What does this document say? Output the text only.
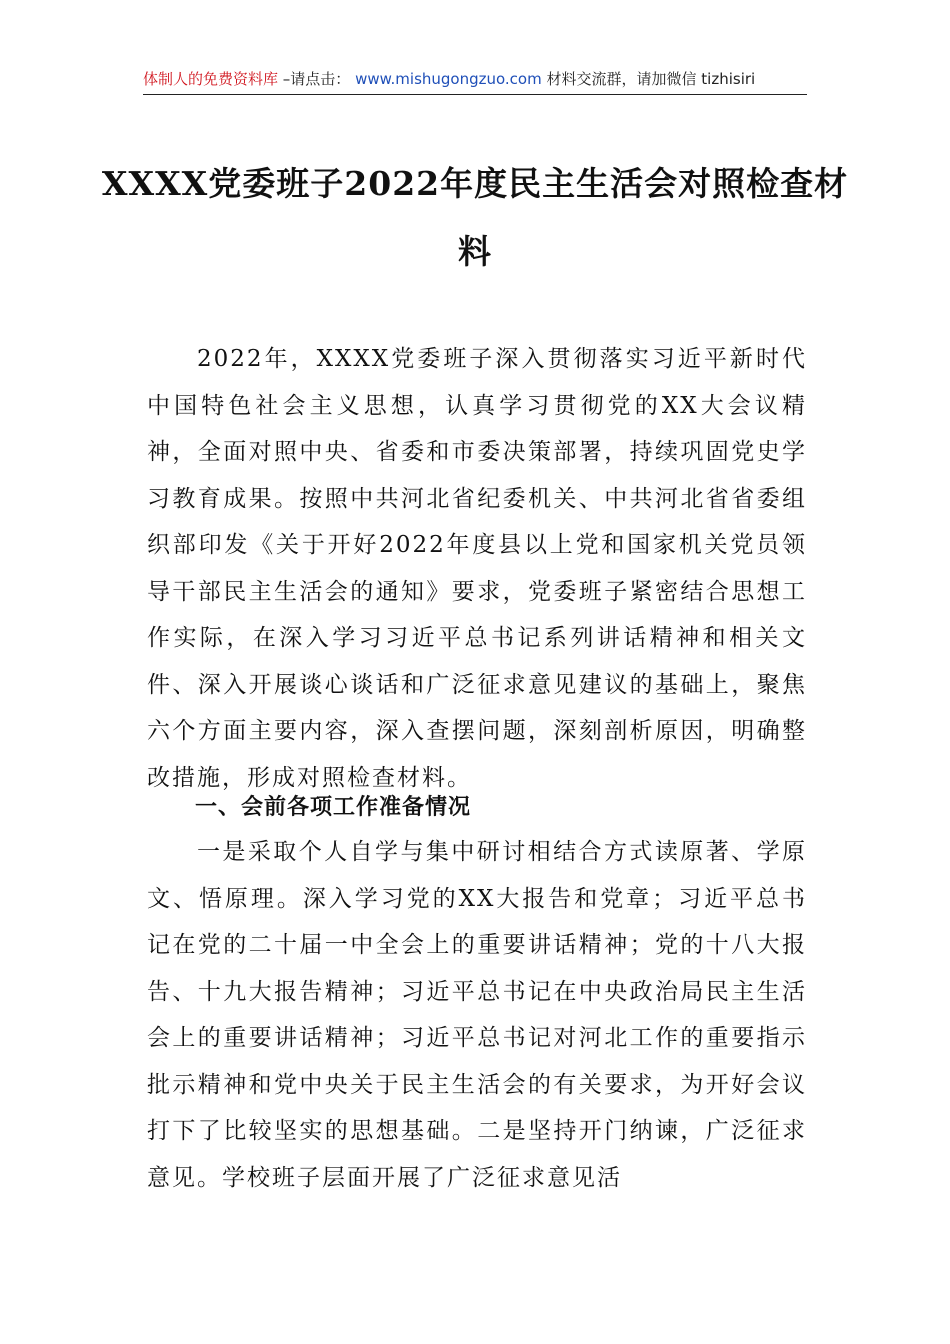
体制人的免费资料库 –请点击： www.mishugongzuo.com 材料交流群，请加微信 tizhisiri
XXXX党委班子2022年度民主生活会对照检查材料

2022年，XXXX党委班子深入贯彻落实习近平新时代中国特色社会主义思想，认真学习贯彻党的XX大会议精神，全面对照中央、省委和市委决策部署，持续巩固党史学习教育成果。按照中共河北省纪委机关、中共河北省省委组织部印发《关于开好2022年度县以上党和国家机关党员领导干部民主生活会的通知》要求，党委班子紧密结合思想工作实际，在深入学习习近平总书记系列讲话精神和相关文件、深入开展谈心谈话和广泛征求意见建议的基础上，聚焦六个方面主要内容，深入查摆问题，深刻剖析原因，明确整改措施，形成对照检查材料。

一、会前各项工作准备情况

一是采取个人自学与集中研讨相结合方式读原著、学原文、悟原理。深入学习党的XX大报告和党章；习近平总书记在党的二十届一中全会上的重要讲话精神；党的十八大报告、十九大报告精神；习近平总书记在中央政治局民主生活会上的重要讲话精神；习近平总书记对河北工作的重要指示批示精神和党中央关于民主生活会的有关要求，为开好会议打下了比较坚实的思想基础。二是坚持开门纳谏，广泛征求意见。学校班子层面开展了广泛征求意见活
